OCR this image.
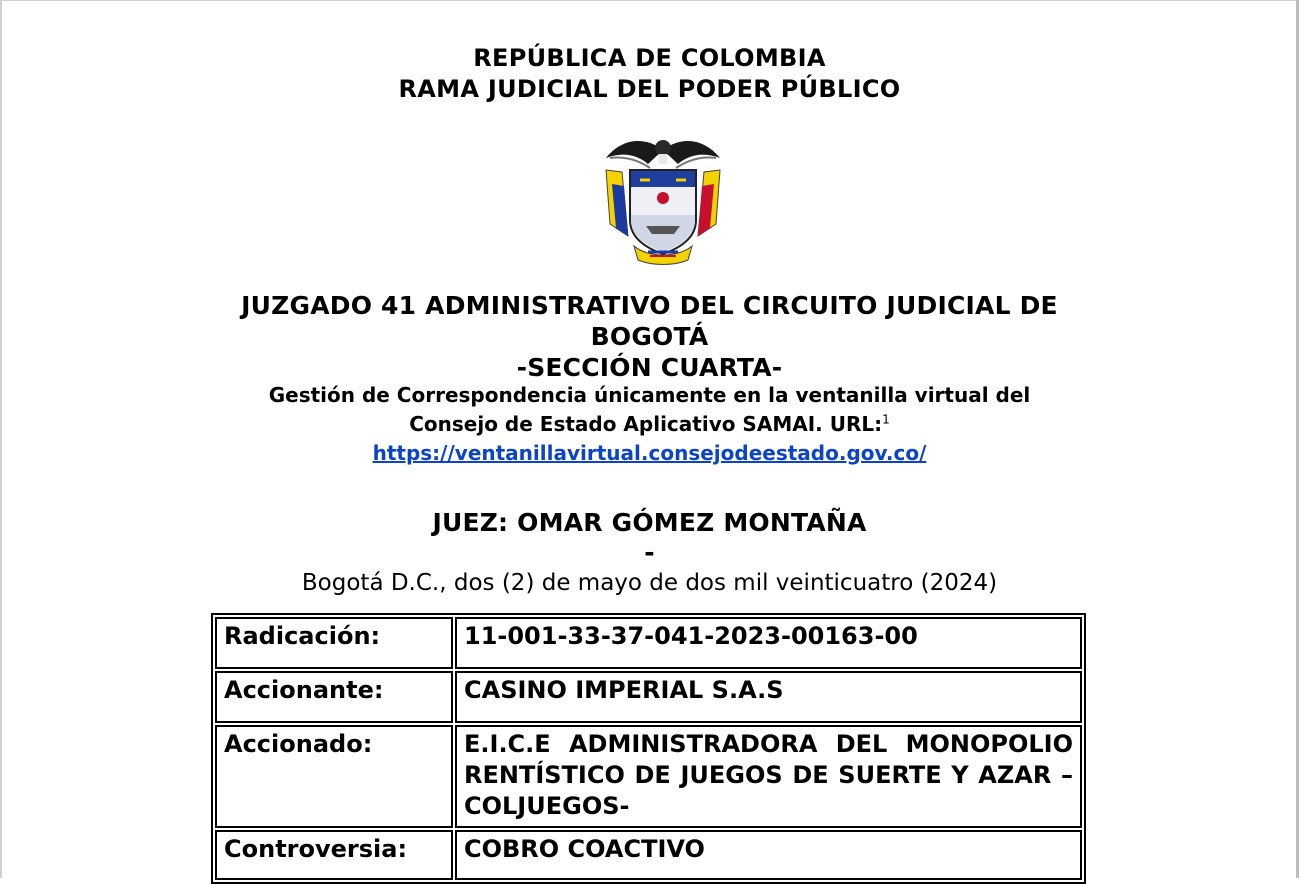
REPÚBLICA DE COLOMBIA
RAMA JUDICIAL DEL PODER PÚBLICO
JUZGADO 41 ADMINISTRATIVO DEL CIRCUITO JUDICIAL DE
BOGOTÁ
-SECCIÓN CUARTA-
Gestión de Correspondencia únicamente en la ventanilla virtual del
Consejo de Estado Aplicativo SAMAI. URL:$^1$
https://ventanillavirtual.consejodeestado.gov.co/
JUEZ: OMAR GÓMEZ MONTAÑA
-
Bogotá D.C., dos (2) de mayo de dos mil veinticuatro (2024)
Radicación:	11-001-33-37-041-2023-00163-00
Accionante:	CASINO IMPERIAL S.A.S
Accionado:	E.I.C.E ADMINISTRADORA DEL MONOPOLIO RENTÍSTICO DE JUEGOS DE SUERTE Y AZAR – COLJUEGOS-
Controversia:	COBRO COACTIVO
